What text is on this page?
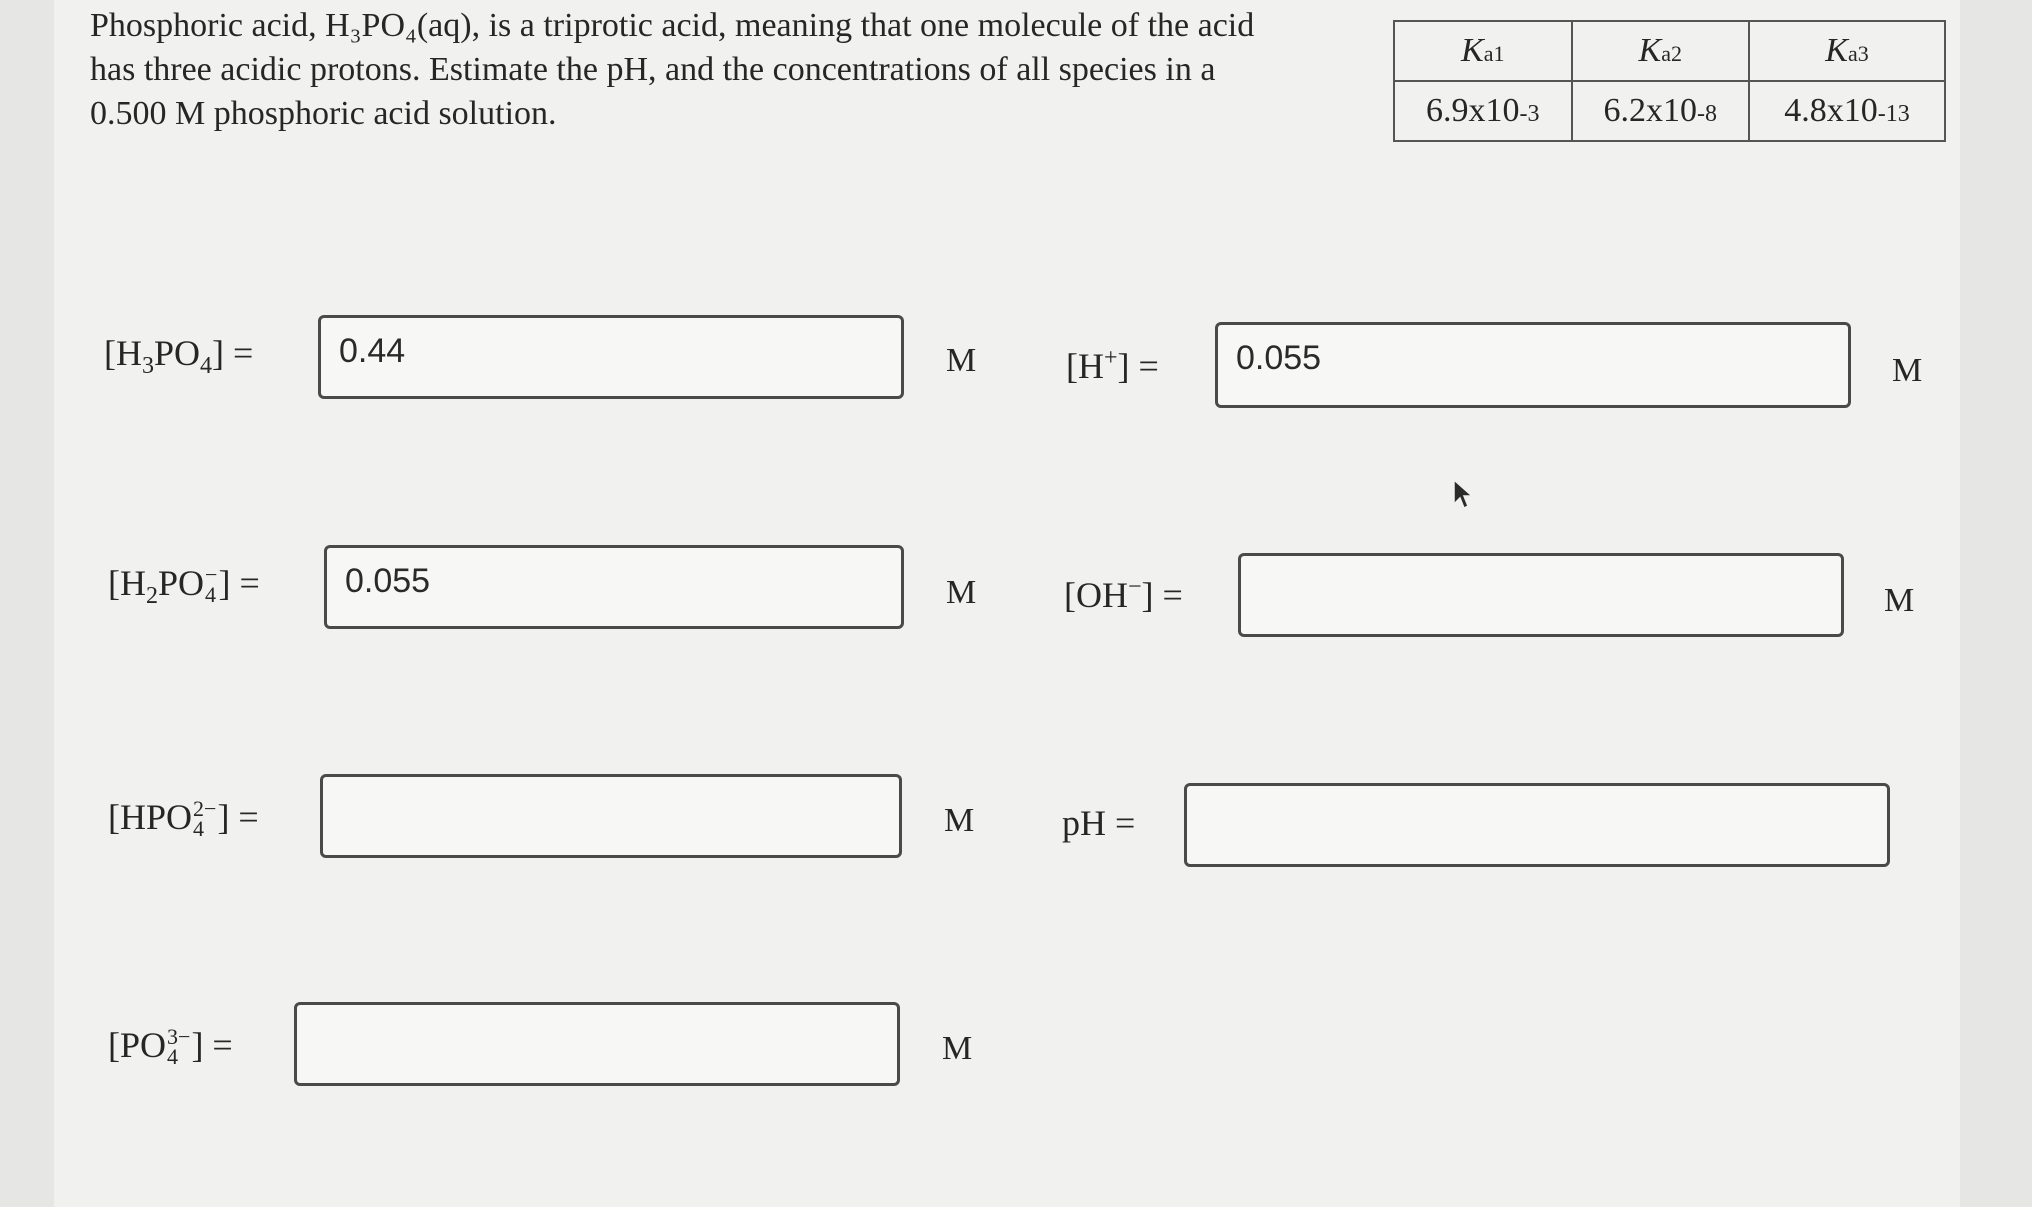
Phosphoric acid, H₃PO₄(aq), is a triprotic acid, meaning that one molecule of the acid
has three acidic protons. Estimate the pH, and the concentrations of all species in a
0.500 M phosphoric acid solution.
K a1	K a2	K a3

6.9x10 -3	6.2x10 -8	4.8x10 -13
$[H_3PO_4]$ =	0.44	M [H+] =	0.055	M
[$H_2PO$ −
4 ] =	0.055	M [OH−] =	M
[HPO 2−
4 ] =	M pH =
[PO 3−
4 ] =	M
